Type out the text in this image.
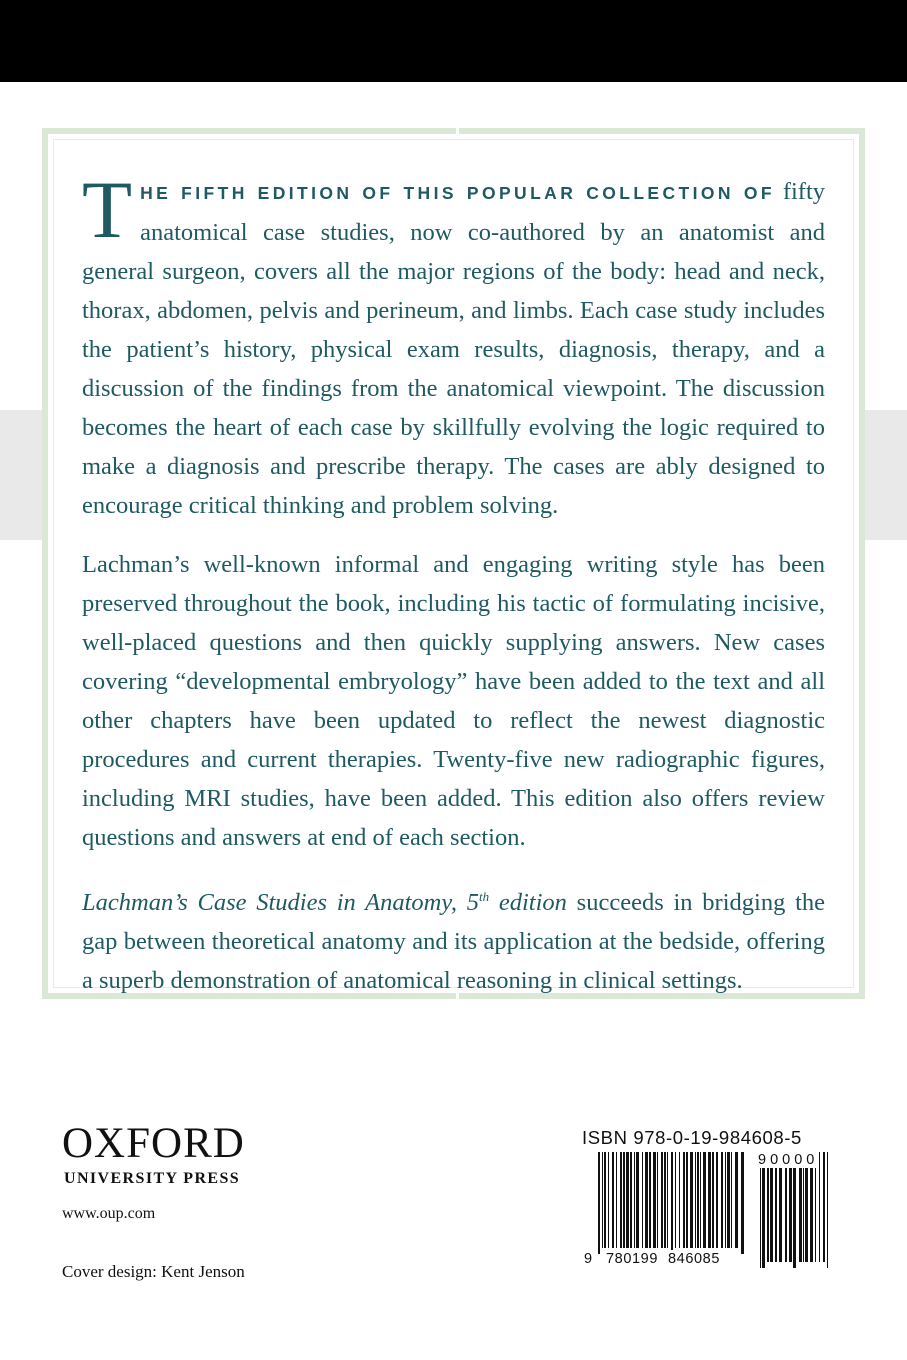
THE FIFTH EDITION OF THIS POPULAR COLLECTION OF fifty anatomical case studies, now co-authored by an anatomist and general surgeon, covers all the major regions of the body: head and neck, thorax, abdomen, pelvis and perineum, and limbs. Each case study includes the patient’s history, physical exam results, diagnosis, therapy, and a discussion of the findings from the anatomical viewpoint. The discussion becomes the heart of each case by skillfully evolving the logic required to make a diagnosis and prescribe therapy. The cases are ably designed to encourage critical thinking and problem solving.

Lachman’s well-known informal and engaging writing style has been preserved throughout the book, including his tactic of formulating incisive, well-placed questions and then quickly supplying answers. New cases covering “developmental embryology” have been added to the text and all other chapters have been updated to reflect the newest diagnostic procedures and current therapies. Twenty-five new radiographic figures, including MRI studies, have been added. This edition also offers review questions and answers at end of each section.

Lachman’s Case Studies in Anatomy, 5th edition succeeds in bridging the gap between theoretical anatomy and its application at the bedside, offering a superb demonstration of anatomical reasoning in clinical settings.

OXFORD
UNIVERSITY PRESS
www.oup.com
Cover design: Kent Jenson
ISBN 978-0-19-984608-5
9 780199 846085
90000
